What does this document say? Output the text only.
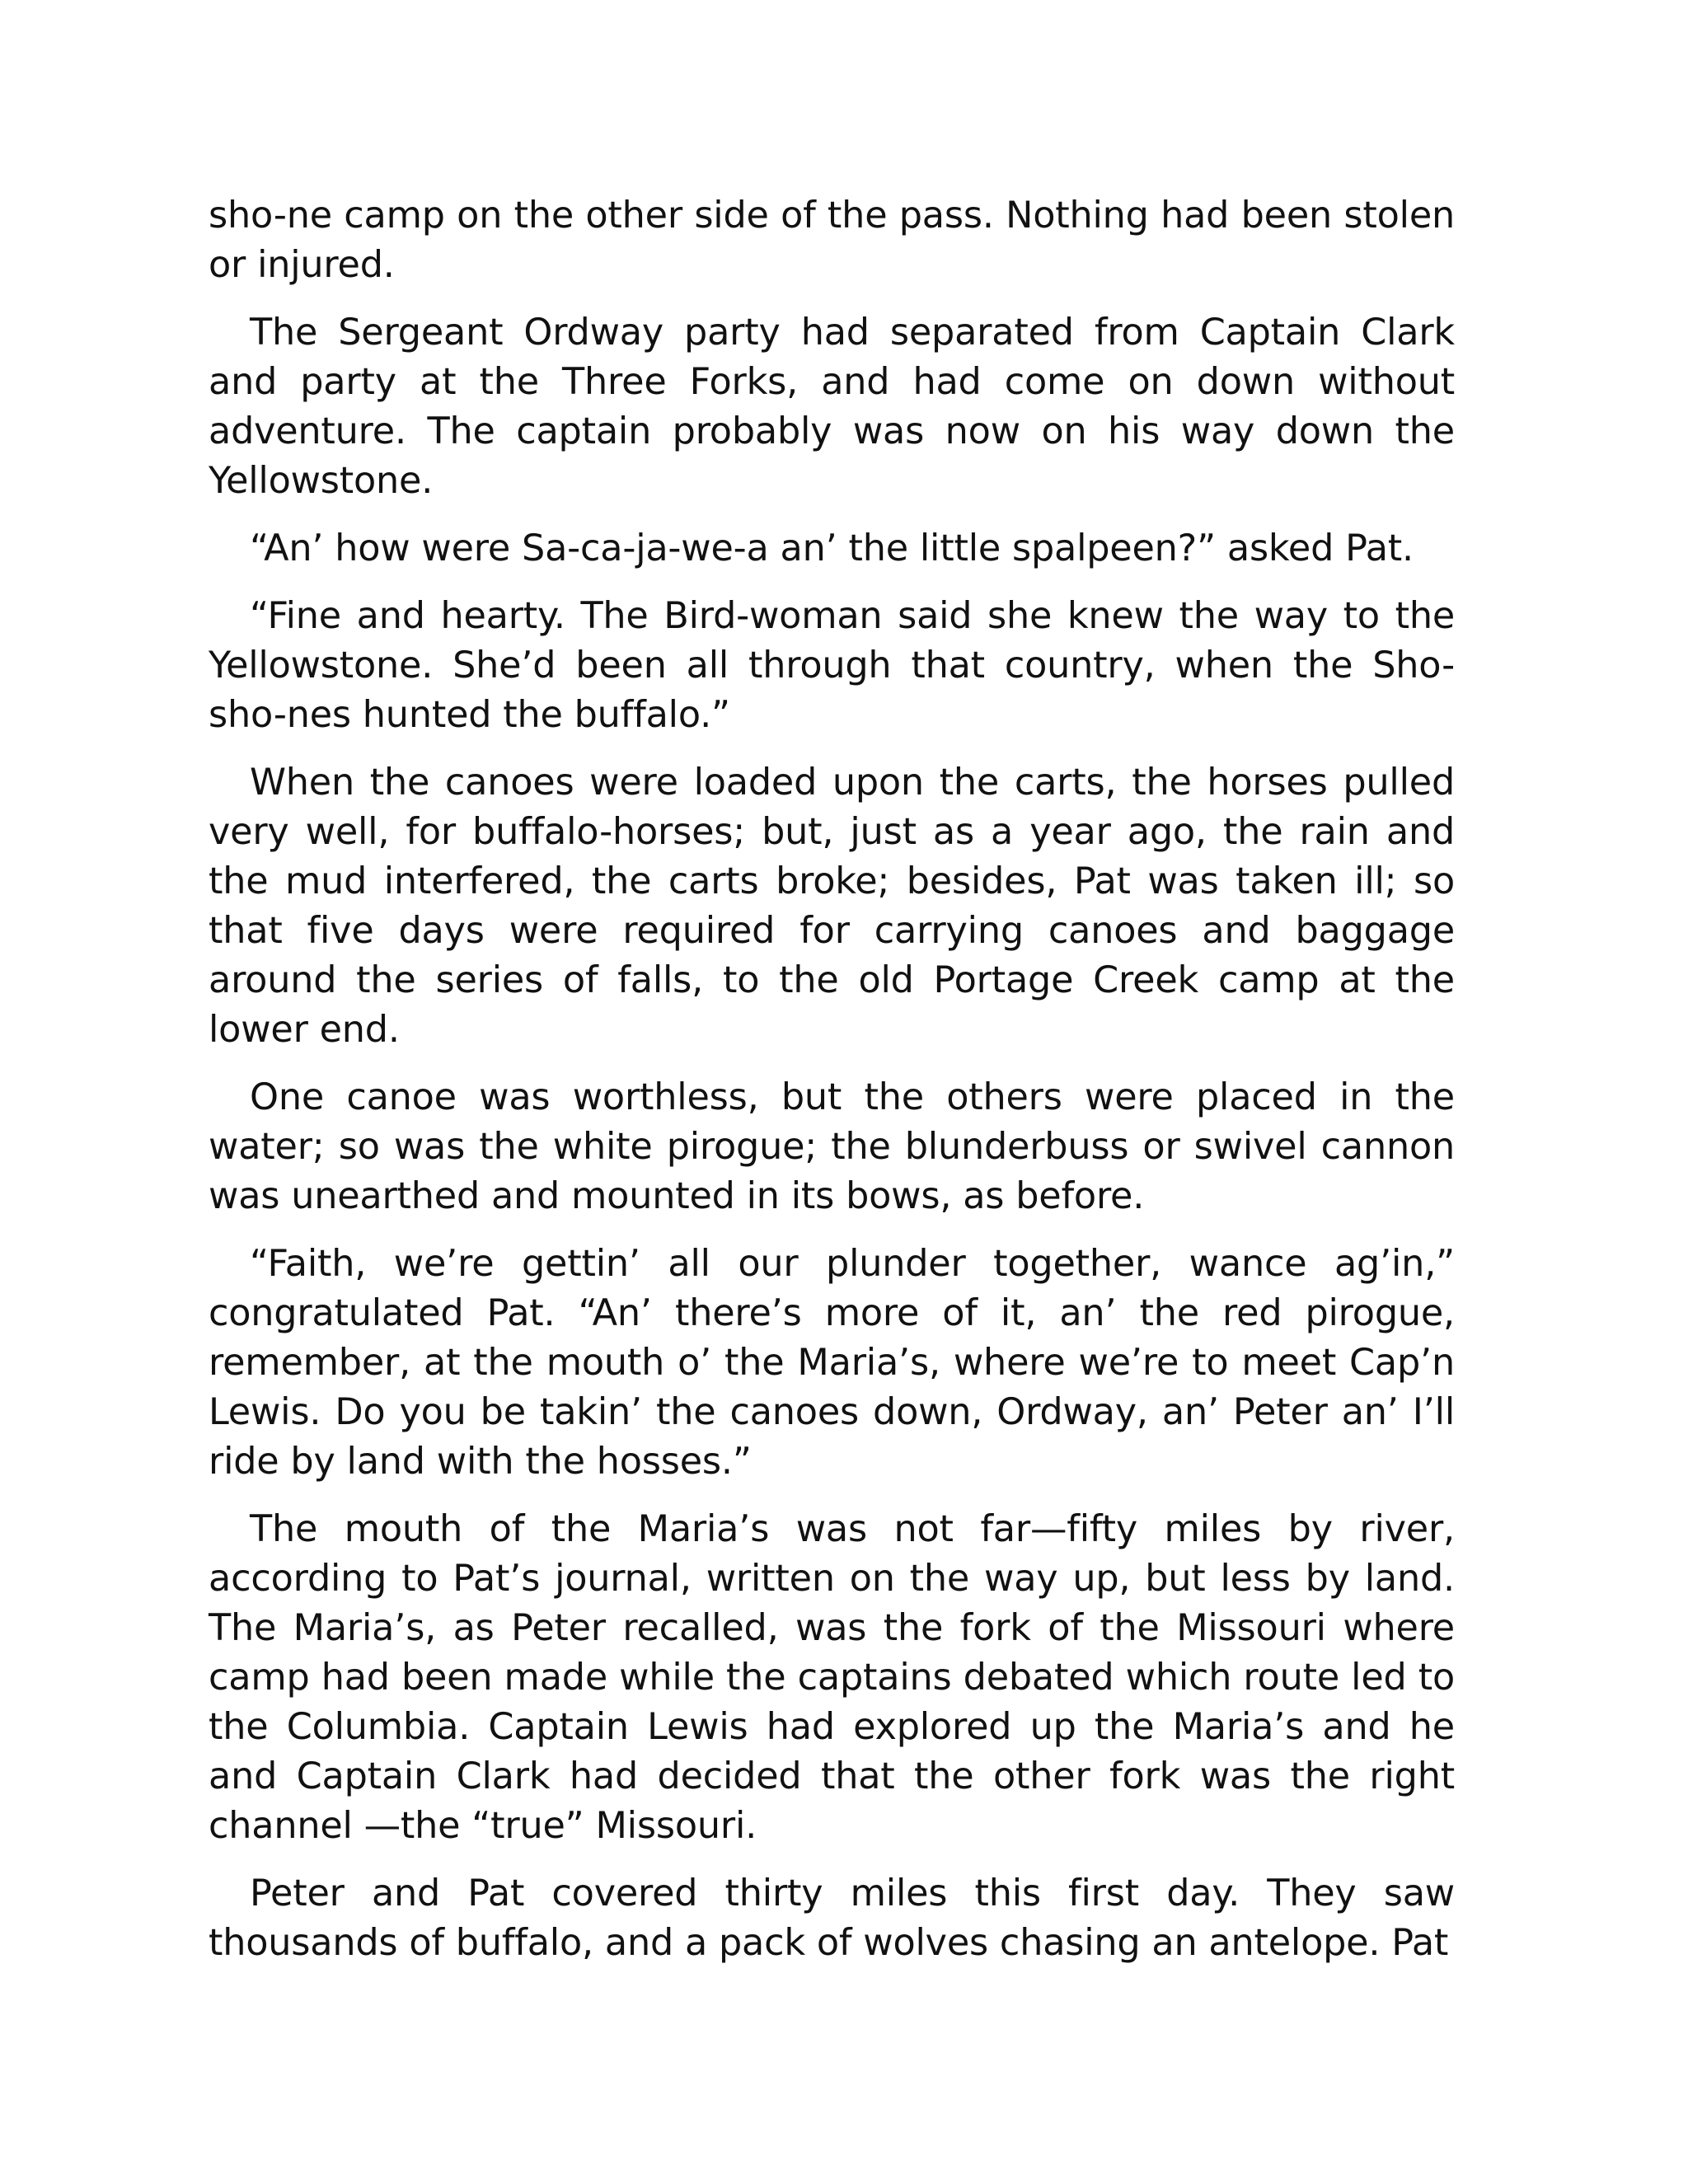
sho-ne camp on the other side of the pass. Nothing had been stolen or injured.

The Sergeant Ordway party had separated from Captain Clark and party at the Three Forks, and had come on down without adventure. The captain probably was now on his way down the Yellowstone.

“An’ how were Sa-ca-ja-we-a an’ the little spalpeen?” asked Pat.

“Fine and hearty. The Bird-woman said she knew the way to the Yellowstone. She’d been all through that country, when the Sho-sho-nes hunted the buffalo.”

When the canoes were loaded upon the carts, the horses pulled very well, for buffalo-horses; but, just as a year ago, the rain and the mud interfered, the carts broke; besides, Pat was taken ill; so that five days were required for carrying canoes and baggage around the series of falls, to the old Portage Creek camp at the lower end.

One canoe was worthless, but the others were placed in the water; so was the white pirogue; the blunderbuss or swivel cannon was unearthed and mounted in its bows, as before.

“Faith, we’re gettin’ all our plunder together, wance ag’in,” congratulated Pat. “An’ there’s more of it, an’ the red pirogue, remember, at the mouth o’ the Maria’s, where we’re to meet Cap’n Lewis. Do you be takin’ the canoes down, Ordway, an’ Peter an’ I’ll ride by land with the hosses.”

The mouth of the Maria’s was not far—fifty miles by river, according to Pat’s journal, written on the way up, but less by land. The Maria’s, as Peter recalled, was the fork of the Missouri where camp had been made while the captains debated which route led to the Columbia. Captain Lewis had explored up the Maria’s and he and Captain Clark had decided that the other fork was the right channel —the “true” Missouri.

Peter and Pat covered thirty miles this first day. They saw thousands of buffalo, and a pack of wolves chasing an antelope. Pat
